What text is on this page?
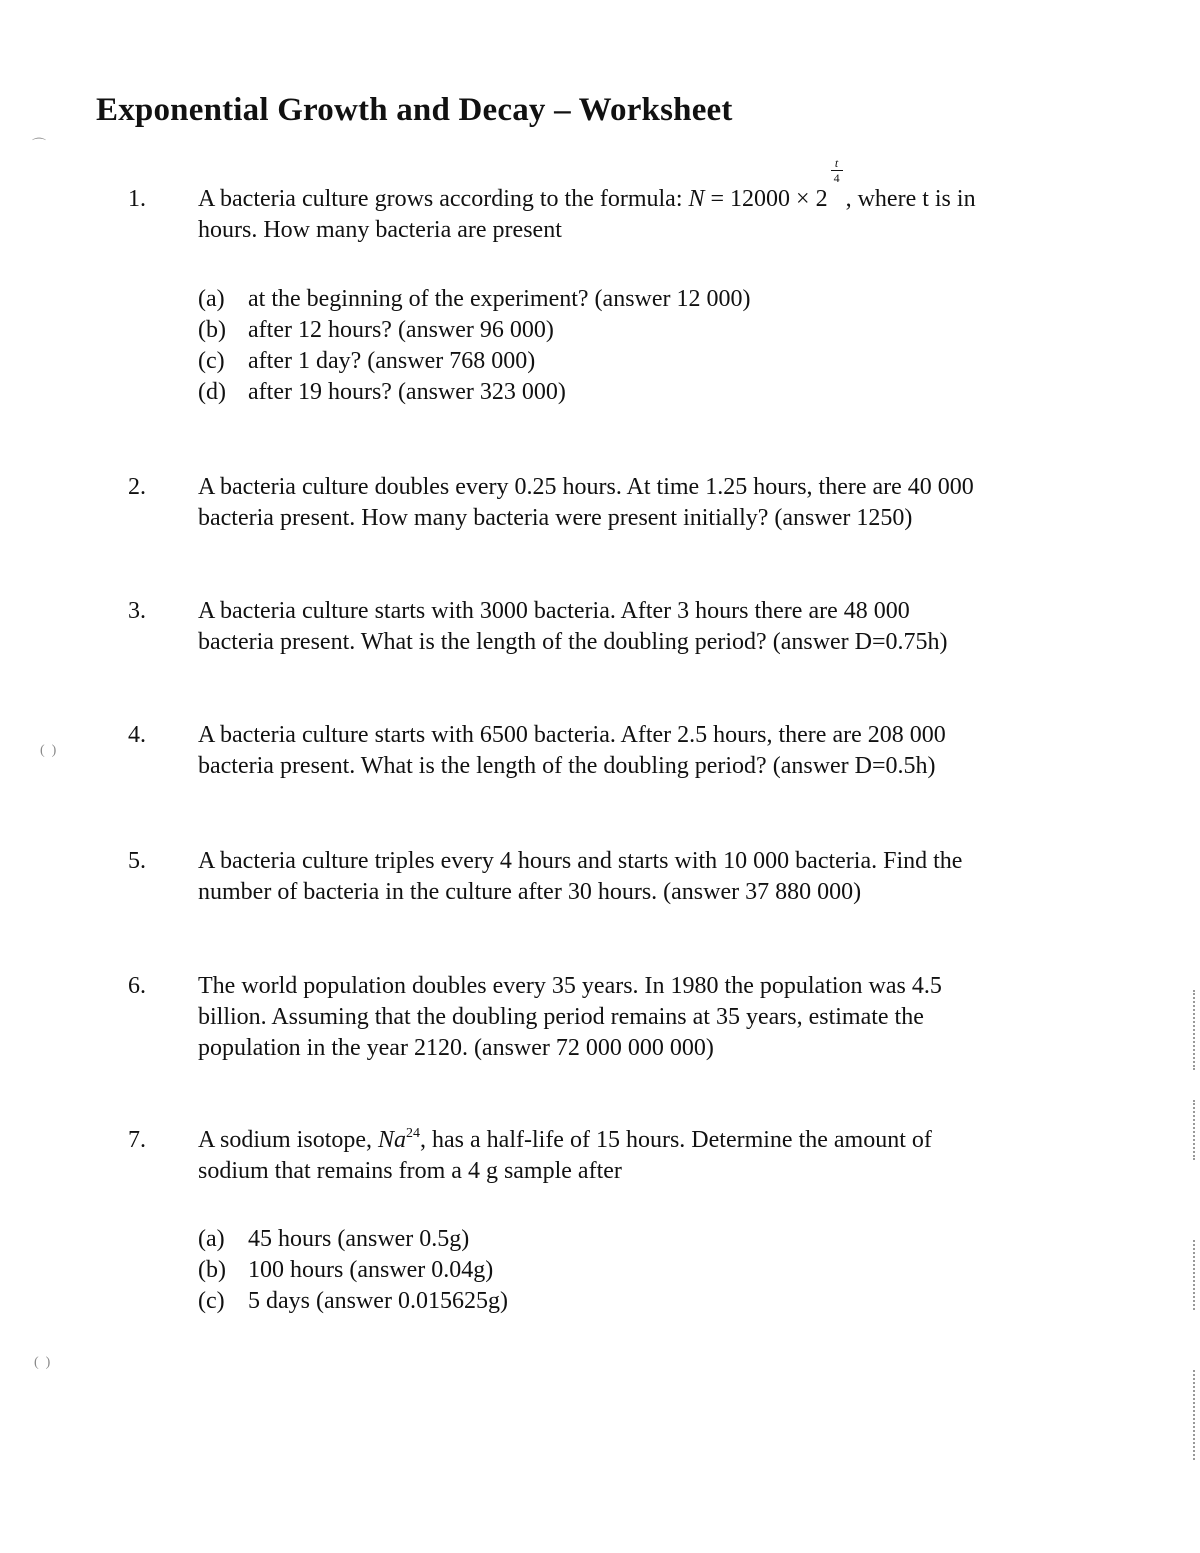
Exponential Growth and Decay – Worksheet
⌒
(  )
(  )
1. A bacteria culture grows according to the formula: N = 12000 × 2
t
4
, where t is in

hours. How many bacteria are present

(a) at the beginning of the experiment? (answer 12 000)
(b) after 12 hours? (answer 96 000)
(c) after 1 day? (answer 768 000)
(d) after 19 hours? (answer 323 000)
2. A bacteria culture doubles every 0.25 hours. At time 1.25 hours, there are 40 000

bacteria present. How many bacteria were present initially? (answer 1250)

3. A bacteria culture starts with 3000 bacteria. After 3 hours there are 48 000

bacteria present. What is the length of the doubling period? (answer D=0.75h)

4. A bacteria culture starts with 6500 bacteria. After 2.5 hours, there are 208 000

bacteria present. What is the length of the doubling period? (answer D=0.5h)

5. A bacteria culture triples every 4 hours and starts with 10 000 bacteria. Find the

number of bacteria in the culture after 30 hours. (answer 37 880 000)

6. The world population doubles every 35 years. In 1980 the population was 4.5

billion. Assuming that the doubling period remains at 35 years, estimate the

population in the year 2120. (answer 72 000 000 000)

7. A sodium isotope, Na$^{24}$, has a half-life of 15 hours. Determine the amount of

sodium that remains from a 4 g sample after

(a) 45 hours (answer 0.5g)
(b) 100 hours (answer 0.04g)
(c) 5 days (answer 0.015625g)
